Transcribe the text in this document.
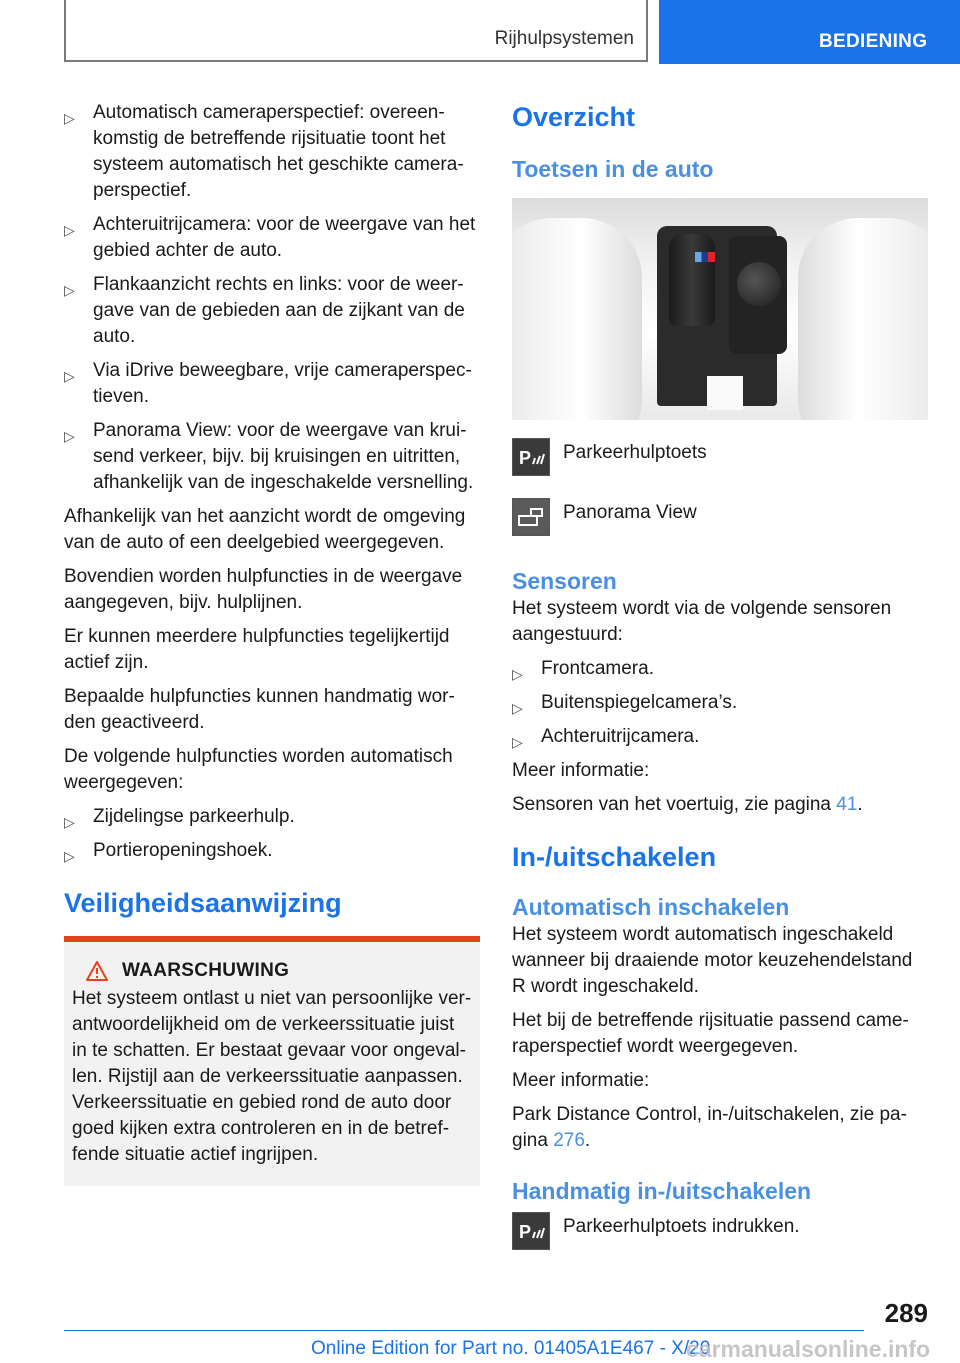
Rijhulpsystemen	BEDIENING
▷ Automatisch cameraperspectief: overeenkomstig de betreffende rijsituatie toont het systeem automatisch het geschikte cameraperspectief.
▷ Achteruitrijcamera: voor de weergave van het gebied achter de auto.
▷ Flankaanzicht rechts en links: voor de weergave van de gebieden aan de zijkant van de auto.
▷ Via iDrive beweegbare, vrije cameraperspectieven.
▷ Panorama View: voor de weergave van kruisend verkeer, bijv. bij kruisingen en uitritten, afhankelijk van de ingeschakelde versnelling.

Afhankelijk van het aanzicht wordt de omgeving van de auto of een deelgebied weergegeven.

Bovendien worden hulpfuncties in de weergave aangegeven, bijv. hulplijnen.

Er kunnen meerdere hulpfuncties tegelijkertijd actief zijn.

Bepaalde hulpfuncties kunnen handmatig worden geactiveerd.

De volgende hulpfuncties worden automatisch weergegeven:

▷ Zijdelingse parkeerhulp.
▷ Portieropeningshoek.
Veiligheidsaanwijzing
WAARSCHUWING

Het systeem ontlast u niet van persoonlijke verantwoordelijkheid om de verkeerssituatie juist in te schatten. Er bestaat gevaar voor ongevallen. Rijstijl aan de verkeerssituatie aanpassen. Verkeerssituatie en gebied rond de auto door goed kijken extra controleren en in de betreffende situatie actief ingrijpen.

Overzicht
Toetsen in de auto
P Parkeerhulptoets
Panorama View
Sensoren

Het systeem wordt via de volgende sensoren aangestuurd:

▷ Frontcamera.
▷ Buitenspiegelcamera’s.
▷ Achteruitrijcamera.

Meer informatie:

Sensoren van het voertuig, zie pagina 41.

In-/uitschakelen
Automatisch inschakelen

Het systeem wordt automatisch ingeschakeld wanneer bij draaiende motor keuzehendelstand R wordt ingeschakeld.

Het bij de betreffende rijsituatie passend cameraperspectief wordt weergegeven.

Meer informatie:

Park Distance Control, in-/uitschakelen, zie pagina 276.

Handmatig in-/uitschakelen
P Parkeerhulptoets indrukken.
289
Online Edition for Part no. 01405A1E467 - X/20
carmanualsonline.info
